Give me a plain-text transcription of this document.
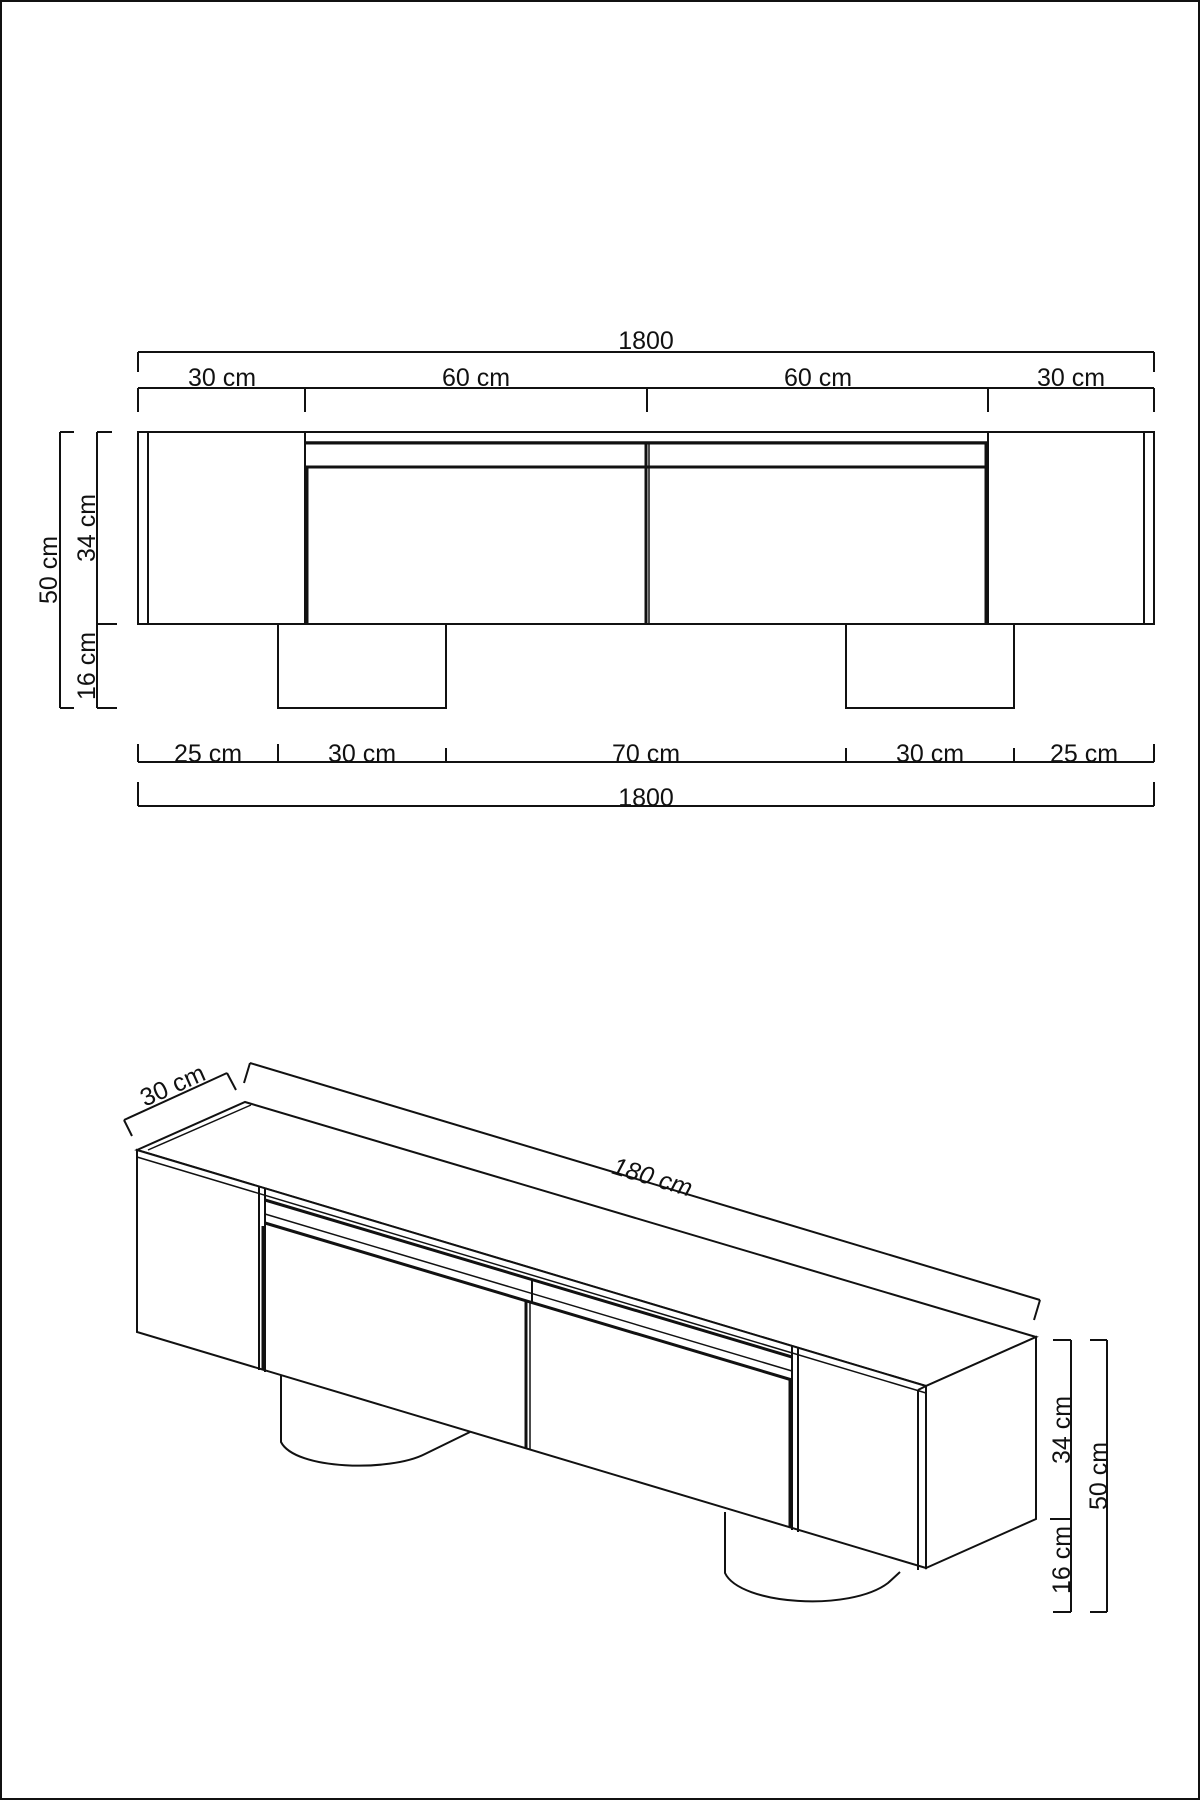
1800
30 cm	60 cm	60 cm	30 cm
50 cm
34 cm
16 cm
25 cm	30 cm	70 cm	30 cm	25 cm
1800
30 cm
180 cm
34 cm
16 cm
50 cm
